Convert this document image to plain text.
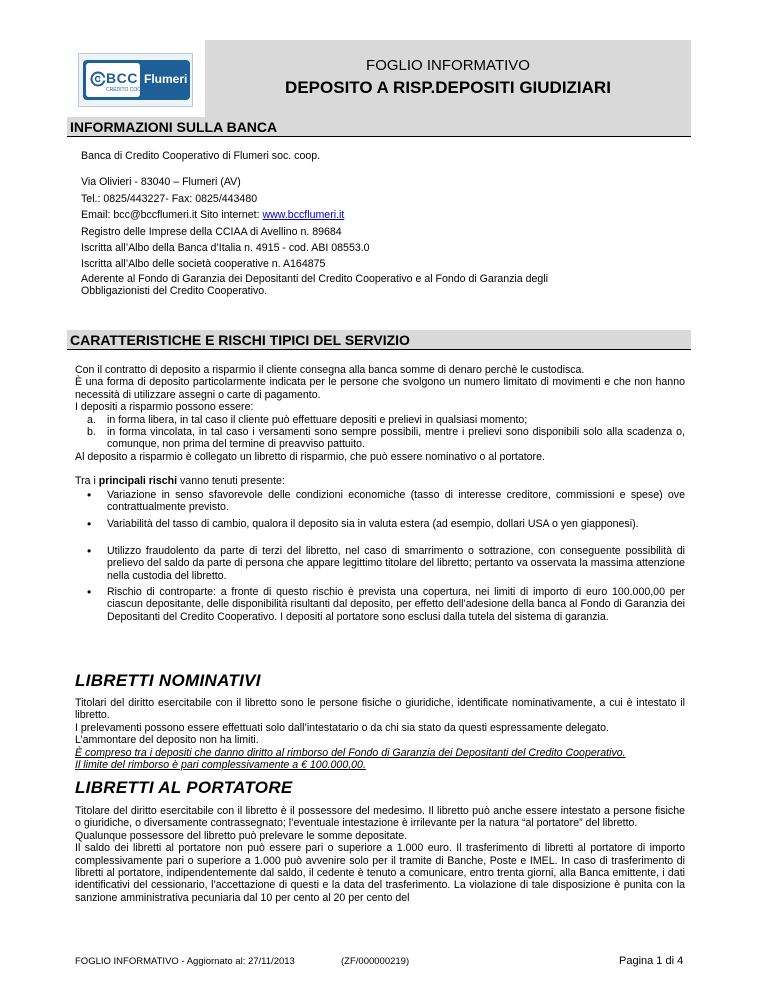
BCC
CREDITO COOPERATIVO
Flumeri
FOGLIO INFORMATIVO
DEPOSITO A RISP.DEPOSITI GIUDIZIARI
INFORMAZIONI SULLA BANCA
Banca di Credito Cooperativo di Flumeri soc. coop.
Via Olivieri - 83040 – Flumeri (AV)
Tel.: 0825/443227- Fax: 0825/443480
Email: bcc@bccflumeri.it Sito internet: www.bccflumeri.it
Registro delle Imprese della CCIAA di Avellino n. 89684
Iscritta all’Albo della Banca d’Italia n. 4915 - cod. ABI 08553.0
Iscritta all’Albo delle società cooperative n. A164875
Aderente al Fondo di Garanzia dei Depositanti del Credito Cooperativo e al Fondo di Garanzia degli
Obbligazionisti del Credito Cooperativo.
CARATTERISTICHE E RISCHI TIPICI DEL SERVIZIO
Con il contratto di deposito a risparmio il cliente consegna alla banca somme di denaro perchè le custodisca.
È una forma di deposito particolarmente indicata per le persone che svolgono un numero limitato di movimenti e che non hanno necessità di utilizzare assegni o carte di pagamento.
I depositi a risparmio possono essere:
a. in forma libera, in tal caso il cliente può effettuare depositi e prelievi in qualsiasi momento;
b. in forma vincolata, in tal caso i versamenti sono sempre possibili, mentre i prelievi sono disponibili solo alla scadenza o, comunque, non prima del termine di preavviso pattuito.
Al deposito a risparmio è collegato un libretto di risparmio, che può essere nominativo o al portatore.
Tra i principali rischi vanno tenuti presente:
• Variazione in senso sfavorevole delle condizioni economiche (tasso di interesse creditore, commissioni e spese) ove contrattualmente previsto.
• Variabilità del tasso di cambio, qualora il deposito sia in valuta estera (ad esempio, dollari USA o yen giapponesi).
• Utilizzo fraudolento da parte di terzi del libretto, nel caso di smarrimento o sottrazione, con conseguente possibilità di prelievo del saldo da parte di persona che appare legittimo titolare del libretto; pertanto va osservata la massima attenzione nella custodia del libretto.
• Rischio di controparte: a fronte di questo rischio è prevista una copertura, nei limiti di importo di euro 100.000,00 per ciascun depositante, delle disponibilità risultanti dal deposito, per effetto dell’adesione della banca al Fondo di Garanzia dei Depositanti del Credito Cooperativo. I depositi al portatore sono esclusi dalla tutela del sistema di garanzia.
LIBRETTI NOMINATIVI
Titolari del diritto esercitabile con il libretto sono le persone fisiche o giuridiche, identificate nominativamente, a cui è intestato il libretto.
I prelevamenti possono essere effettuati solo dall’intestatario o da chi sia stato da questi espressamente delegato.
L’ammontare del deposito non ha limiti.
È compreso tra i depositi che danno diritto al rimborso del Fondo di Garanzia dei Depositanti del Credito Cooperativo.
Il limite del rimborso è pari complessivamente a € 100.000,00.
LIBRETTI AL PORTATORE
Titolare del diritto esercitabile con il libretto è il possessore del medesimo. Il libretto può anche essere intestato a persone fisiche o giuridiche, o diversamente contrassegnato; l’eventuale intestazione è irrilevante per la natura “al portatore” del libretto.
Qualunque possessore del libretto può prelevare le somme depositate.
Il saldo dei libretti al portatore non può essere pari o superiore a 1.000 euro. Il trasferimento di libretti al portatore di importo complessivamente pari o superiore a 1.000 può avvenire solo per il tramite di Banche, Poste e IMEL. In caso di trasferimento di libretti al portatore, indipendentemente dal saldo, il cedente è tenuto a comunicare, entro trenta giorni, alla Banca emittente, i dati identificativi del cessionario, l’accettazione di questi e la data del trasferimento. La violazione di tale disposizione è punita con la sanzione amministrativa pecuniaria dal 10 per cento al 20 per cento del
FOGLIO INFORMATIVO - Aggiornato al: 27/11/2013	(ZF/000000219)	Pagina 1 di 4
